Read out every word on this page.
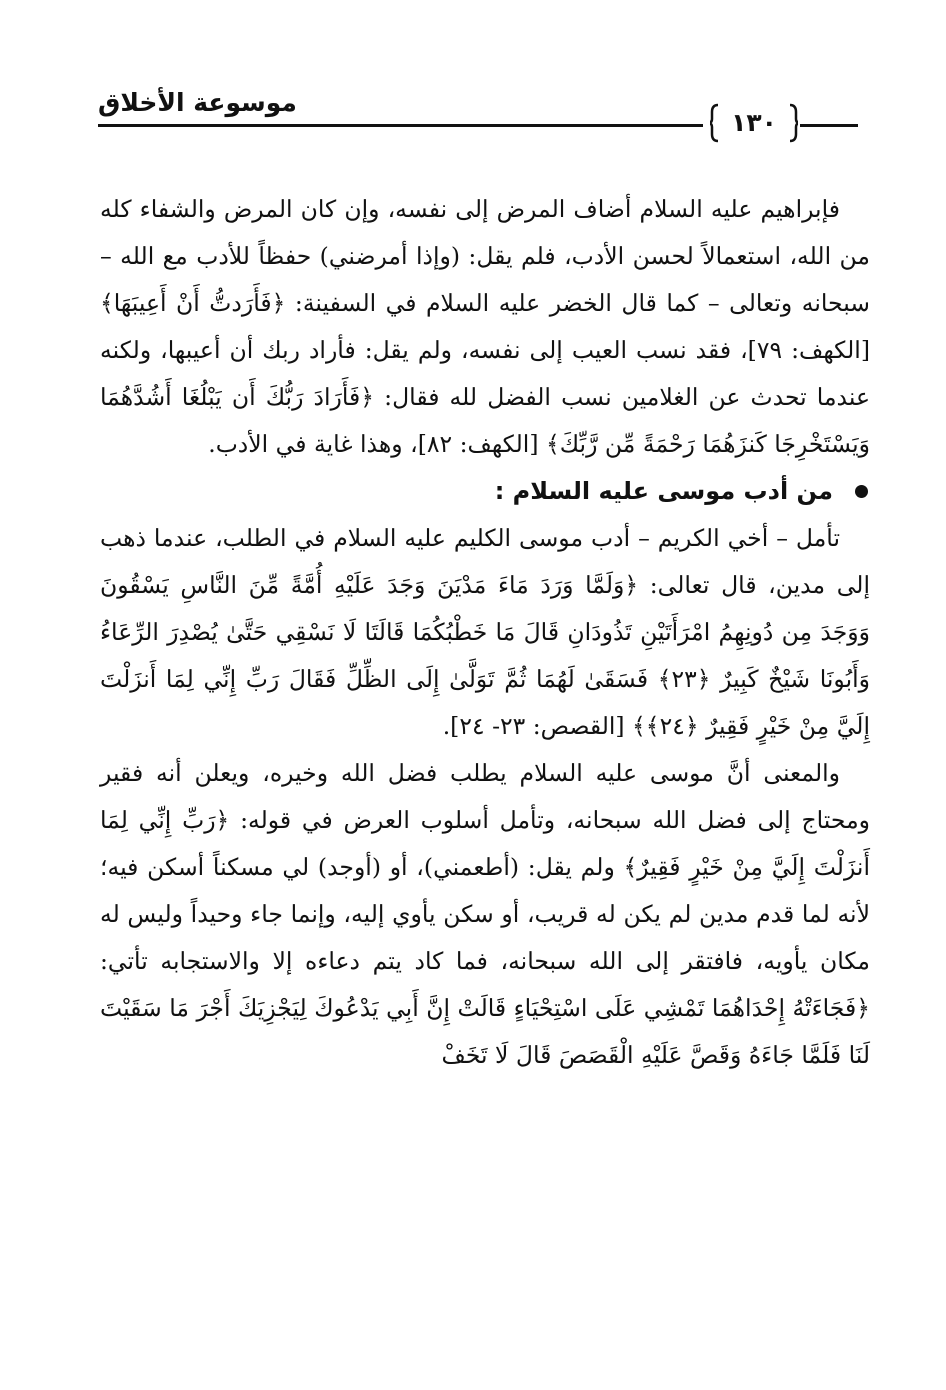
موسوعة الأخلاق
١٣٠

فإبراهيم عليه السلام أضاف المرض إلى نفسه، وإن كان المرض والشفاء كله من الله، استعمالاً لحسن الأدب، فلم يقل: (وإذا أمرضني) حفظاً للأدب مع الله – سبحانه وتعالى – كما قال الخضر عليه السلام في السفينة: ﴿فَأَرَدتُّ أَنْ أَعِيبَهَا﴾ [الكهف: ٧٩]، فقد نسب العيب إلى نفسه، ولم يقل: فأراد ربك أن أعيبها، ولكنه عندما تحدث عن الغلامين نسب الفضل لله فقال: ﴿فَأَرَادَ رَبُّكَ أَن يَبْلُغَا أَشُدَّهُمَا وَيَسْتَخْرِجَا كَنزَهُمَا رَحْمَةً مِّن رَّبِّكَ﴾ [الكهف: ٨٢]، وهذا غاية في الأدب.

من أدب موسى عليه السلام :

تأمل – أخي الكريم – أدب موسى الكليم عليه السلام في الطلب، عندما ذهب إلى مدين، قال تعالى: ﴿وَلَمَّا وَرَدَ مَاءَ مَدْيَنَ وَجَدَ عَلَيْهِ أُمَّةً مِّنَ النَّاسِ يَسْقُونَ وَوَجَدَ مِن دُونِهِمُ امْرَأَتَيْنِ تَذُودَانِ قَالَ مَا خَطْبُكُمَا قَالَتَا لَا نَسْقِي حَتَّىٰ يُصْدِرَ الرِّعَاءُ وَأَبُونَا شَيْخٌ كَبِيرٌ ﴿٢٣﴾ فَسَقَىٰ لَهُمَا ثُمَّ تَوَلَّىٰ إِلَى الظِّلِّ فَقَالَ رَبِّ إِنِّي لِمَا أَنزَلْتَ إِلَيَّ مِنْ خَيْرٍ فَقِيرٌ ﴿٢٤﴾﴾ [القصص: ٢٣- ٢٤].

والمعنى أنَّ موسى عليه السلام يطلب فضل الله وخيره، ويعلن أنه فقير ومحتاج إلى فضل الله سبحانه، وتأمل أسلوب العرض في قوله: ﴿رَبِّ إِنِّي لِمَا أَنزَلْتَ إِلَيَّ مِنْ خَيْرٍ فَقِيرٌ﴾ ولم يقل: (أطعمني)، أو (أوجد) لي مسكناً أسكن فيه؛ لأنه لما قدم مدين لم يكن له قريب، أو سكن يأوي إليه، وإنما جاء وحيداً وليس له مكان يأويه، فافتقر إلى الله سبحانه، فما كاد يتم دعاءه إلا والاستجابه تأتي: ﴿فَجَاءَتْهُ إِحْدَاهُمَا تَمْشِي عَلَى اسْتِحْيَاءٍ قَالَتْ إِنَّ أَبِي يَدْعُوكَ لِيَجْزِيَكَ أَجْرَ مَا سَقَيْتَ لَنَا فَلَمَّا جَاءَهُ وَقَصَّ عَلَيْهِ الْقَصَصَ قَالَ لَا تَخَفْ
